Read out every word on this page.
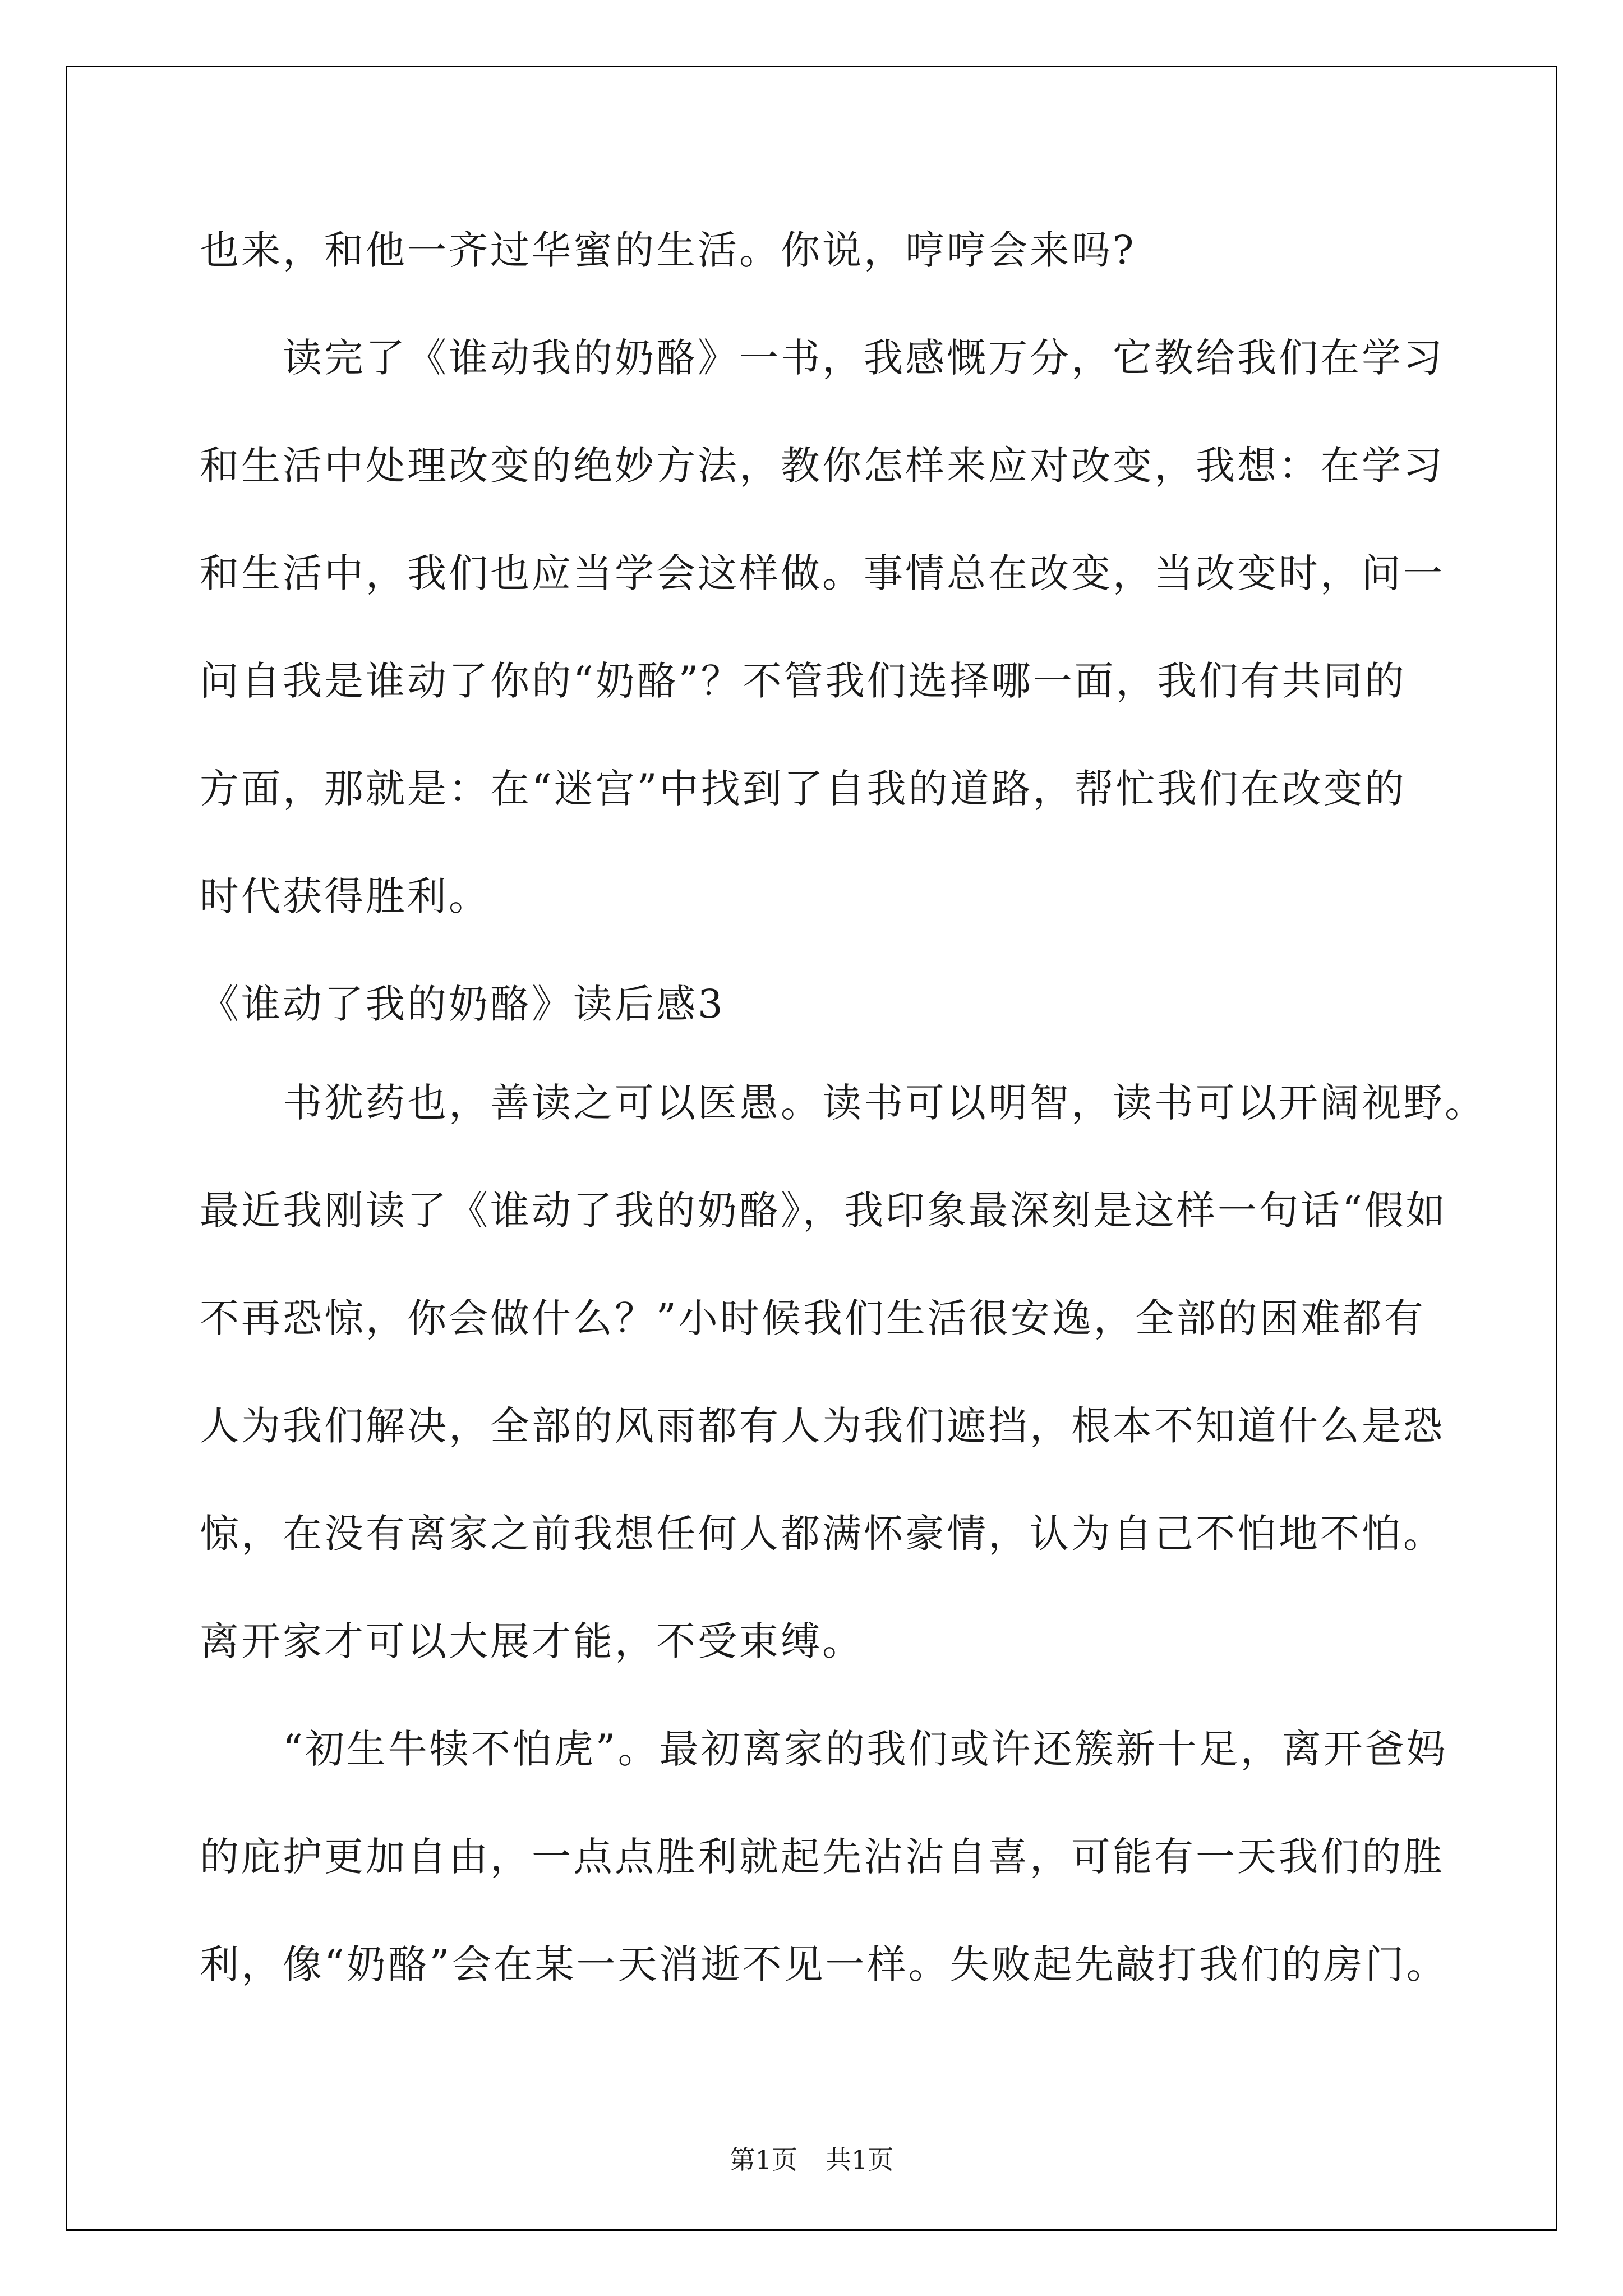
也来，和他一齐过华蜜的生活。你说，哼哼会来吗?
读完了《谁动我的奶酪》一书，我感慨万分，它教给我们在学习
和生活中处理改变的绝妙方法，教你怎样来应对改变，我想：在学习
和生活中，我们也应当学会这样做。事情总在改变，当改变时，问一
问自我是谁动了你的“奶酪”？不管我们选择哪一面，我们有共同的
方面，那就是：在“迷宫”中找到了自我的道路，帮忙我们在改变的
时代获得胜利。
《谁动了我的奶酪》读后感3
书犹药也，善读之可以医愚。读书可以明智，读书可以开阔视野。
最近我刚读了《谁动了我的奶酪》，我印象最深刻是这样一句话“假如
不再恐惊，你会做什么？”小时候我们生活很安逸，全部的困难都有
人为我们解决，全部的风雨都有人为我们遮挡，根本不知道什么是恐
惊，在没有离家之前我想任何人都满怀豪情，认为自己不怕地不怕。
离开家才可以大展才能，不受束缚。
“初生牛犊不怕虎”。最初离家的我们或许还簇新十足，离开爸妈
的庇护更加自由，一点点胜利就起先沾沾自喜，可能有一天我们的胜
利，像“奶酪”会在某一天消逝不见一样。失败起先敲打我们的房门。
第1页 共1页
